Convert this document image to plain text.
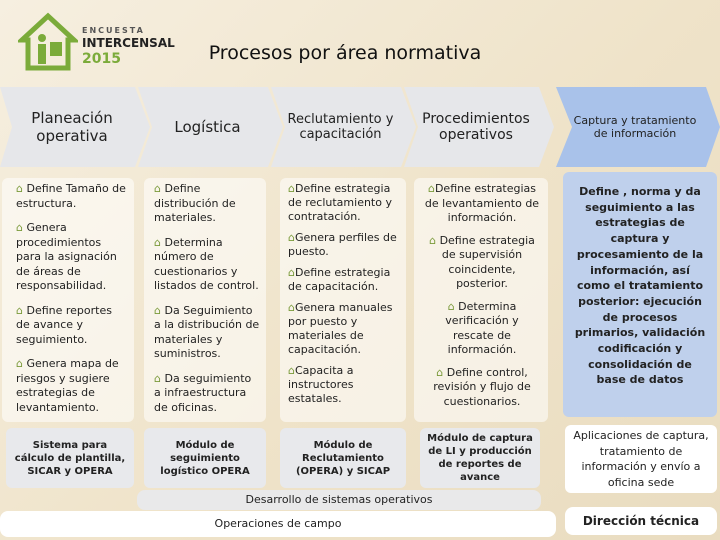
ENCUESTA
INTERCENSAL
2015	Procesos por área normativa
Planeación operativa	Logística	Reclutamiento y capacitación
Procedimientos operativos
Captura y tratamiento de información
⌂ Define Tamaño de estructura.
⌂ Genera procedimientos para la asignación de áreas de responsabilidad.
⌂ Define reportes de avance y seguimiento.
⌂ Genera mapa de riesgos y sugiere estrategias de levantamiento.
⌂ Define distribución de materiales.
⌂ Determina número de cuestionarios y listados de control.
⌂ Da Seguimiento a la distribución de materiales y suministros.
⌂ Da seguimiento a infraestructura de oficinas.
⌂Define estrategia de reclutamiento y contratación.
⌂Genera perfiles de puesto.
⌂Define estrategia de capacitación.
⌂Genera manuales por puesto y materiales de capacitación.
⌂Capacita a instructores estatales.
⌂Define estrategias de levantamiento de información.
⌂ Define estrategia de supervisión coincidente, posterior.
⌂ Determina verificación y rescate de información.
⌂ Define control, revisión y flujo de cuestionarios.
Define , norma y da seguimiento a las estrategias de captura y procesamiento de la información, así como el tratamiento posterior: ejecución de procesos primarios, validación codificación y consolidación de base de datos
Sistema para cálculo de plantilla, SICAR y OPERA
Módulo de seguimiento logístico OPERA
Módulo de Reclutamiento (OPERA) y SICAP
Módulo de captura de LI y producción de reportes de avance
Aplicaciones de captura, tratamiento de información y envío a oficina sede
Desarrollo de sistemas operativos
Operaciones de campo	Dirección técnica
